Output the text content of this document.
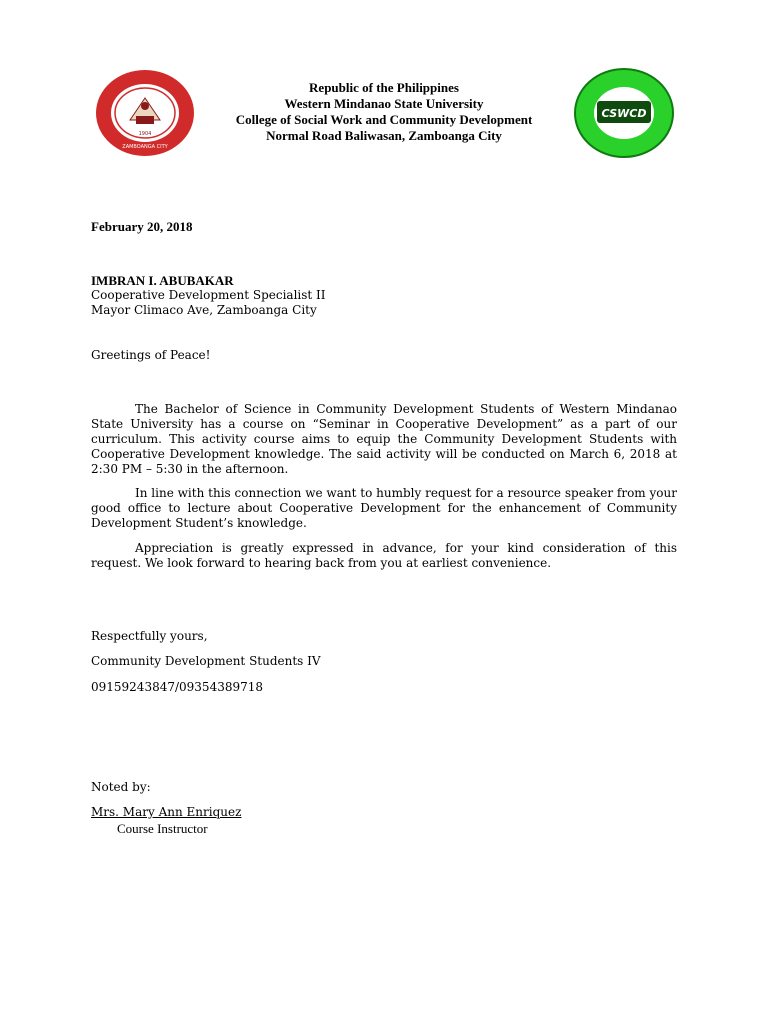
1904
ZAMBOANGA CITY
CSWCD
Republic of the Philippines
Western Mindanao State University
College of Social Work and Community Development
Normal Road Baliwasan, Zamboanga City
February 20, 2018
IMBRAN I. ABUBAKAR
Cooperative Development Specialist II
Mayor Climaco Ave, Zamboanga City
Greetings of Peace!
The Bachelor of Science in Community Development Students of Western Mindanao State University has a course on “Seminar in Cooperative Development” as a part of our curriculum. This activity course aims to equip the Community Development Students with Cooperative Development knowledge. The said activity will be conducted on March 6, 2018 at 2:30 PM – 5:30 in the afternoon.
In line with this connection we want to humbly request for a resource speaker from your good office to lecture about Cooperative Development for the enhancement of Community Development Student’s knowledge.
Appreciation is greatly expressed in advance, for your kind consideration of this request. We look forward to hearing back from you at earliest convenience.
Respectfully yours,
Community Development Students IV
09159243847/09354389718
Noted by:
Mrs. Mary Ann Enriquez
Course Instructor
